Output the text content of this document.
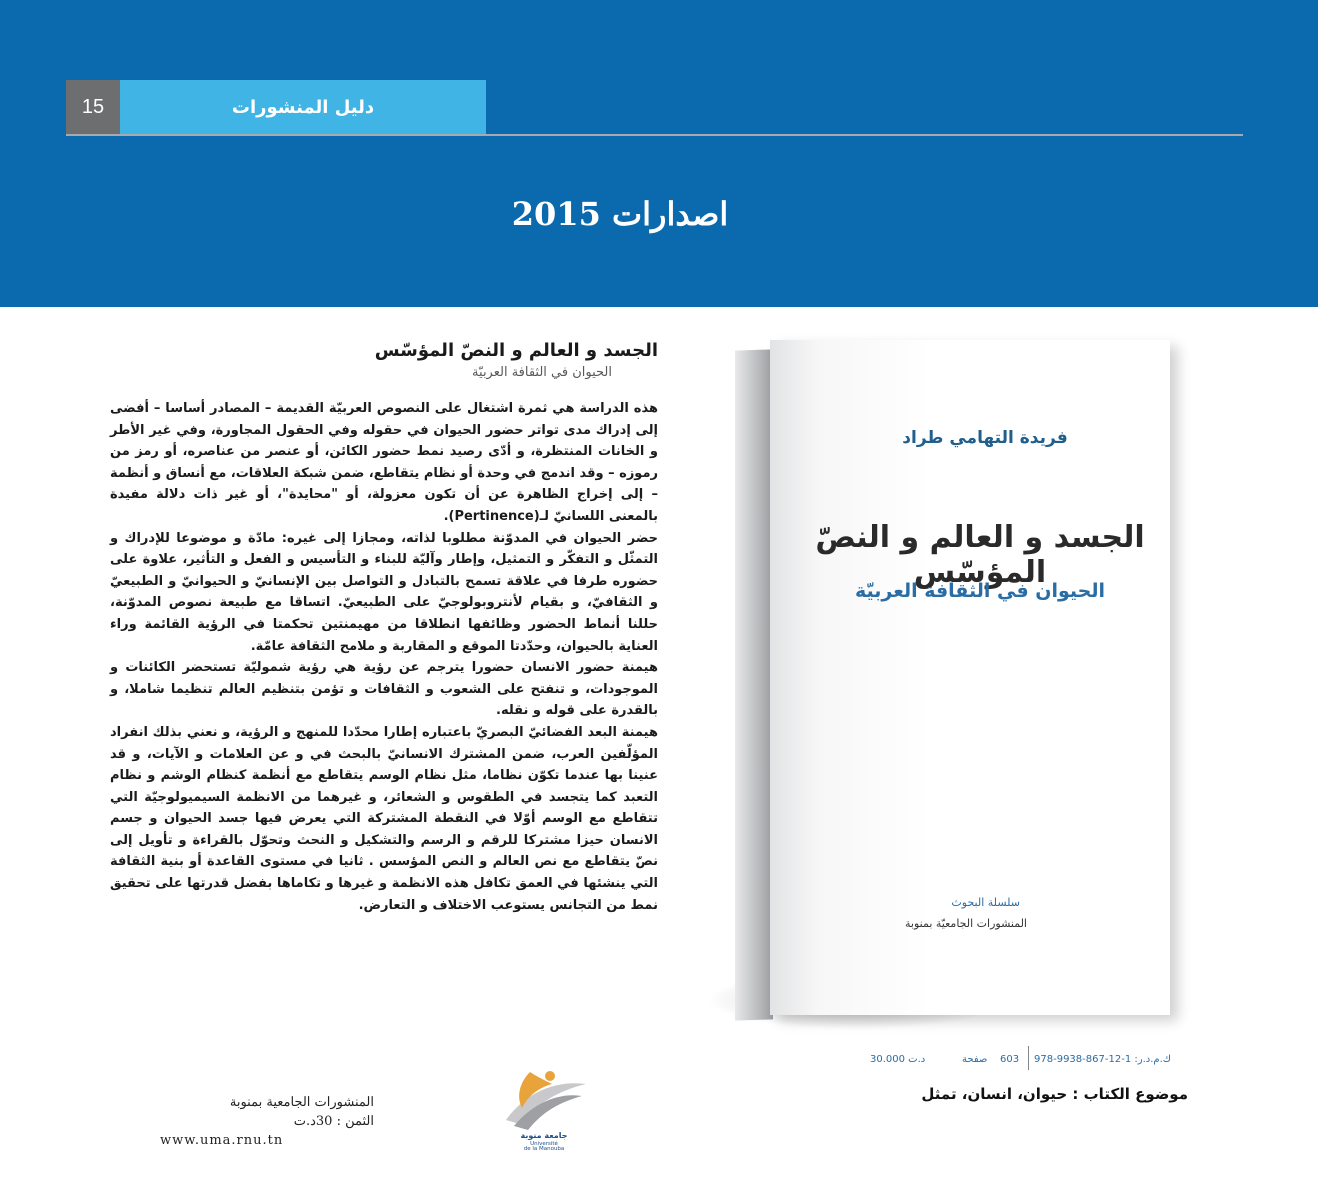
15	دليل المنشورات
اصدارات 2015
الجسد و العالم و النصّ المؤسّس
الحيوان في الثقافة العربيّة

هذه الدراسة هي ثمرة اشتغال على النصوص العربيّة القديمة – المصادر أساسا – أفضى إلى إدراك مدى تواتر حضور الحيوان في حقوله وفي الحقول المجاورة، وفي غير الأطر و الخانات المنتظرة، و أدّى رصيد نمط حضور الكائن، أو عنصر من عناصره، أو رمز من رموزه – وقد اندمج في وحدة أو نظام يتقاطع، ضمن شبكة العلاقات، مع أنساق و أنظمة – إلى إخراج الظاهرة عن أن تكون معزولة، أو "محايدة"، أو غير ذات دلالة مفيدة بالمعنى اللسانيّ لـ(Pertinence).

حضر الحيوان في المدوّنة مطلوبا لذاته، ومجازا إلى غيره: مادّة و موضوعا للإدراك و التمثّل و التفكّر و التمثيل، وإطار وآليّة للبناء و التأسيس و الفعل و التأثير، علاوة على حضوره طرفا في علاقة تسمح بالتبادل و التواصل بين الإنسانيّ و الحيوانيّ و الطبيعيّ و الثقافيّ، و بقيام لأنتروبولوجيّ على الطبيعيّ. اتساقا مع طبيعة نصوص المدوّنة، حللنا أنماط الحضور وظائفها انطلاقا من مهيمنتين تحكمتا في الرؤية القائمة وراء العناية بالحيوان، وحدّدتا الموقع و المقاربة و ملامح الثقافة عامّة.

هيمنة حضور الانسان حضورا يترجم عن رؤية هي رؤية شموليّة تستحضر الكائنات و الموجودات، و تنفتح على الشعوب و الثقافات و تؤمن بتنظيم العالم تنظيما شاملا، و بالقدرة على قوله و نقله.

هيمنة البعد الفضائيّ البصريّ باعتباره إطارا محدّدا للمنهج و الرؤية، و نعني بذلك انفراد المؤلّفين العرب، ضمن المشترك الانسانيّ بالبحث في و عن العلامات و الآيات، و قد عنينا بها عندما تكوّن نظاما، مثل نظام الوسم يتقاطع مع أنظمة كنظام الوشم و نظام التعبد كما يتجسد في الطقوس و الشعائر، و غيرهما من الانظمة السيميولوجيّة التي تتقاطع مع الوسم أوّلا في النقطة المشتركة التي يعرض فيها جسد الحيوان و جسم الانسان حيزا مشتركا للرقم و الرسم والتشكيل و النحث وتحوّل بالقراءة و تأويل إلى نصّ يتقاطع مع نص العالم و النص المؤسس . ثانيا في مستوى القاعدة أو بنية الثقافة التي ينشئها في العمق تكافل هذه الانظمة و غيرها و تكاماها بفضل قدرتها على تحقيق نمط من التجانس يستوعب الاختلاف و التعارض.

المنشورات الجامعية بمنوبة
الثمن : 30د.ت
www.uma.rnu.tn	جامعة منوبة
Université
de la Manouba
فريدة التهامي طراد
الجسد و العالم و النصّ المؤسّس
الحيوان في الثقافة العربيّة
سلسلة البحوث
المنشورات الجامعيّة بمنوبة
30.000 د.ت	صفحة 603 ك.م.د.ر: 1-12-867-9938-978
موضوع الكتاب : حيوان، انسان، تمثل
